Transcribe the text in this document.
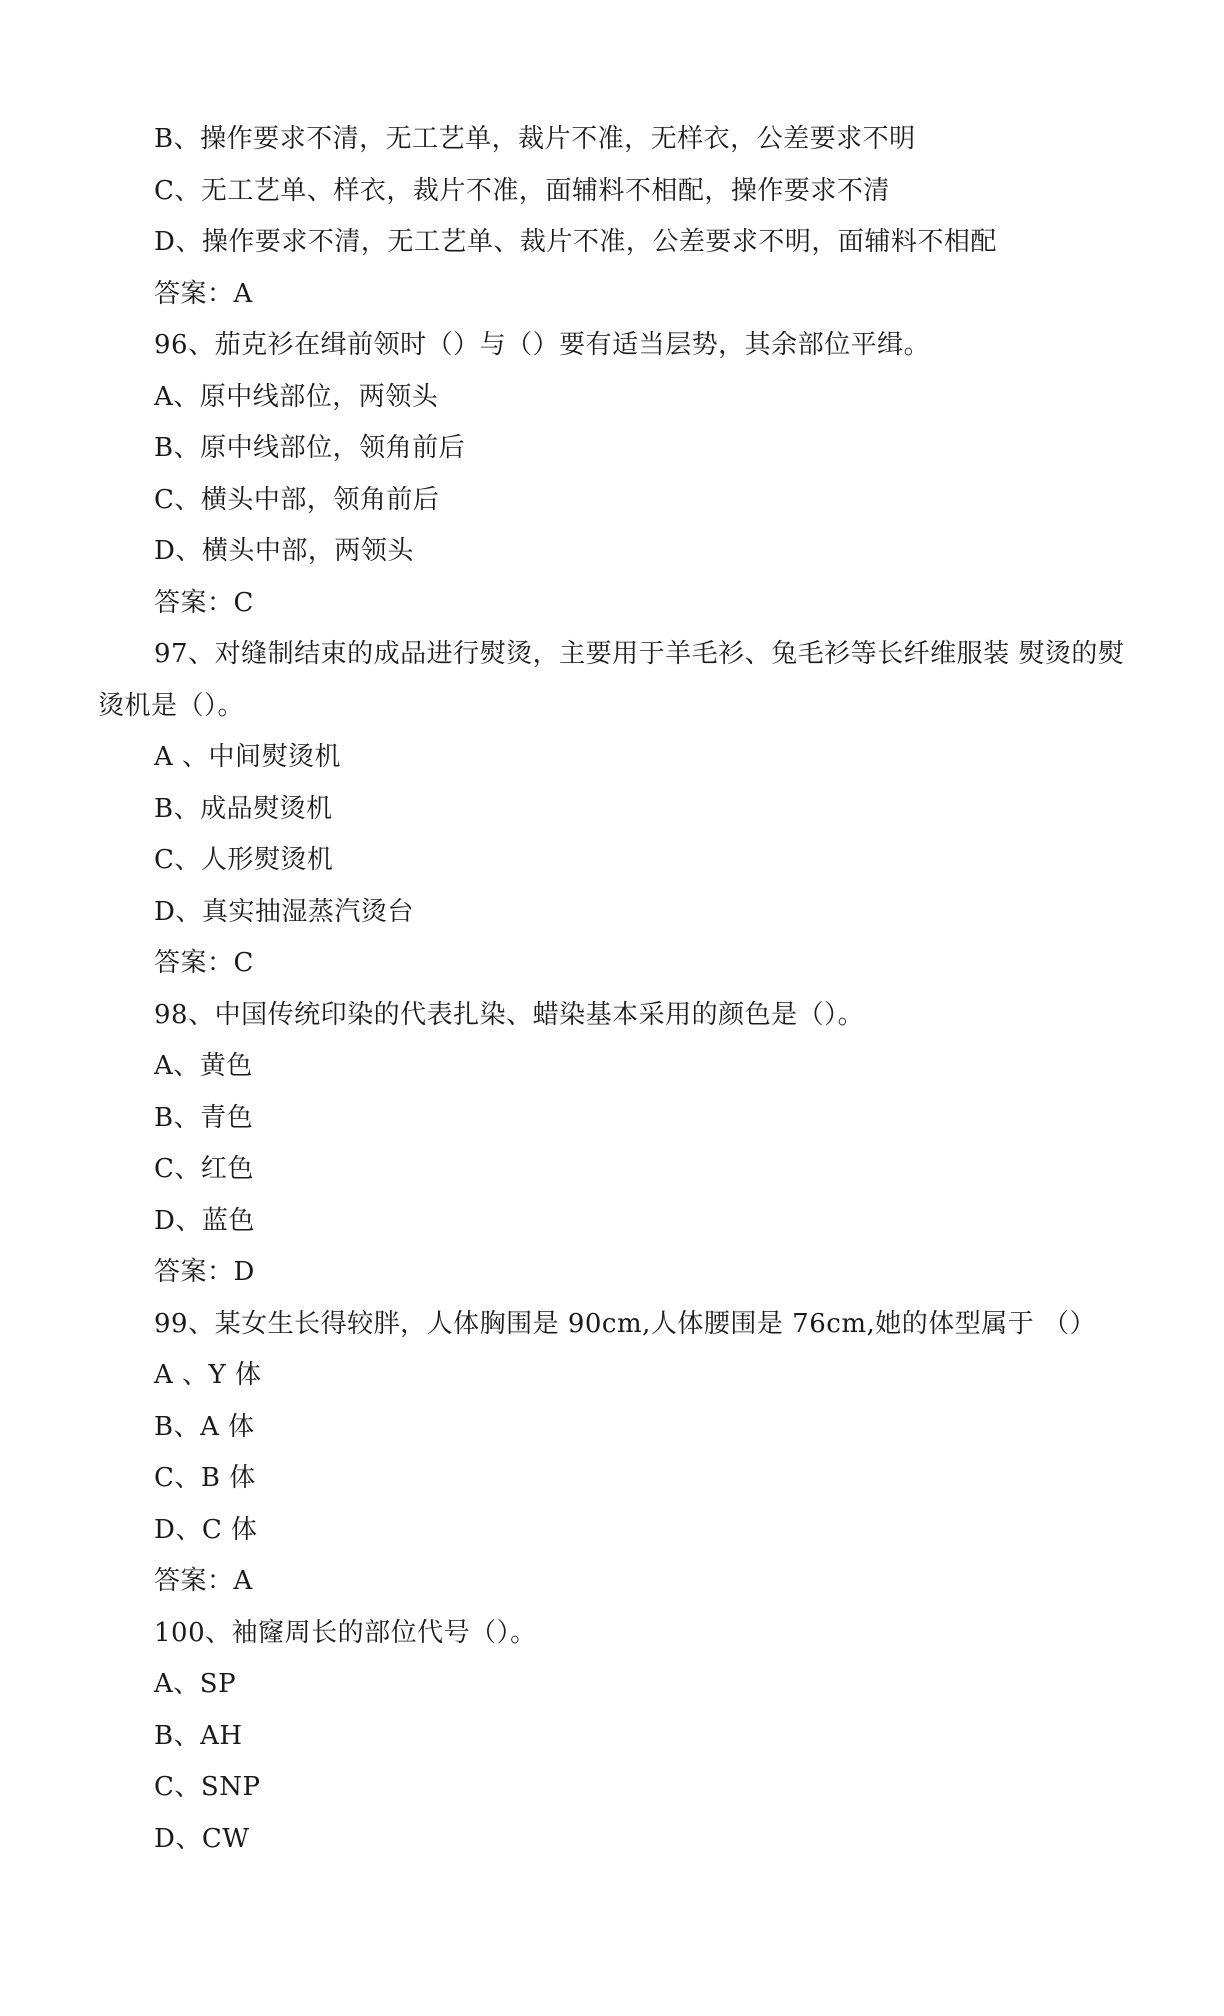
B、操作要求不清，无工艺单，裁片不准，无样衣，公差要求不明
C、无工艺单、样衣，裁片不准，面辅料不相配，操作要求不清
D、操作要求不清，无工艺单、裁片不准，公差要求不明，面辅料不相配
答案：A
96、茄克衫在缉前领时（）与（）要有适当层势，其余部位平缉。
A、原中线部位，两领头
B、原中线部位，领角前后
C、横头中部，领角前后
D、横头中部，两领头
答案：C
97、对缝制结束的成品进行熨烫，主要用于羊毛衫、兔毛衫等长纤维服装 熨烫的熨烫机是（）。
A 、中间熨烫机
B、成品熨烫机
C、人形熨烫机
D、真实抽湿蒸汽烫台
答案：C
98、中国传统印染的代表扎染、蜡染基本采用的颜色是（）。
A、黄色
B、青色
C、红色
D、蓝色
答案：D
99、某女生长得较胖，人体胸围是 90cm,人体腰围是 76cm,她的体型属于 （）
A 、Y 体
B、A 体
C、B 体
D、C 体
答案：A
100、袖窿周长的部位代号（）。
A、SP
B、AH
C、SNP
D、CW
